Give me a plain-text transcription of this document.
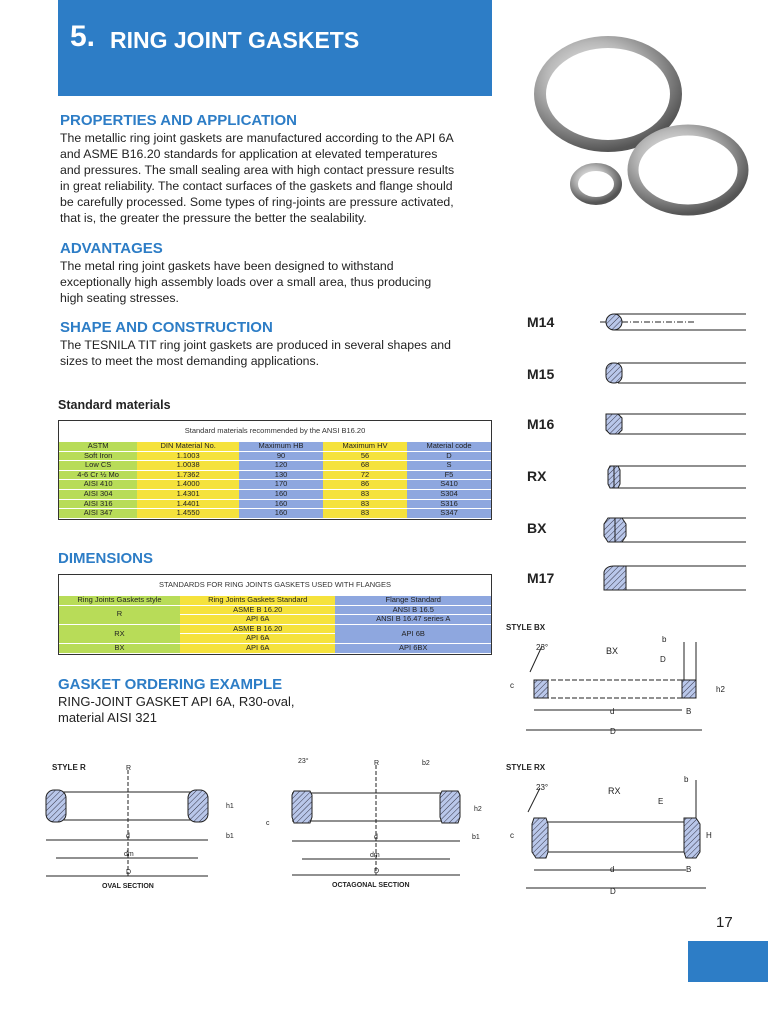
5. RING JOINT GASKETS
PROPERTIES AND APPLICATION

The metallic ring joint gaskets are manufactured according to the API 6A
and ASME B16.20 standards for application at elevated temperatures
and pressures. The small sealing area with high contact pressure results
in great reliability. The contact surfaces of the gaskets and flange should
be carefully processed. Some types of ring-joints are pressure activated,
that is, the greater the pressure the better the sealability.

ADVANTAGES

The metal ring joint gaskets have been designed to withstand
exceptionally high assembly loads over a small area, thus producing
high seating stresses.

SHAPE AND CONSTRUCTION

The TESNILA TIT ring joint gaskets are produced in several shapes and
sizes to meet the most demanding applications.

Standard materials
Standard materials recommended by the ANSI B16.20				
ASTM	DIN Material No.	Maximum HB	Maximum HV	Material code
Soft Iron	1.1003	90	56	D
Low CS	1.0038	120	68	S
4-6 Cr ½ Mo	1.7362	130	72	F5
AISI 410	1.4000	170	86	S410
AISI 304	1.4301	160	83	S304
AISI 316	1.4401	160	83	S316
AISI 347	1.4550	160	83	S347
DIMENSIONS
STANDARDS FOR RING JOINTS GASKETS USED WITH FLANGES		
Ring Joints Gaskets style	Ring Joints Gaskets Standard	Flange Standard
R	ASME B 16.20	ANSI B 16.5
	API 6A	ANSI B 16.47 series A
RX	ASME B 16.20	API 6B
	API 6A	
BX	API 6A	API 6BX
GASKET ORDERING EXAMPLE

RING-JOINT GASKET API 6A, R30-oval,
material AISI 321

M14
M15
M16
RX
BX
M17
STYLE BX
23°	BX
b
D
c	h2
d	B
D
STYLE R	R
h1
d	b1
dm
D
OVAL SECTION
23°	R	b2
c
h2
d	b1
dm
D
OCTAGONAL SECTION
STYLE RX
23°	RX
b
E
c	H
d	B
D
17
